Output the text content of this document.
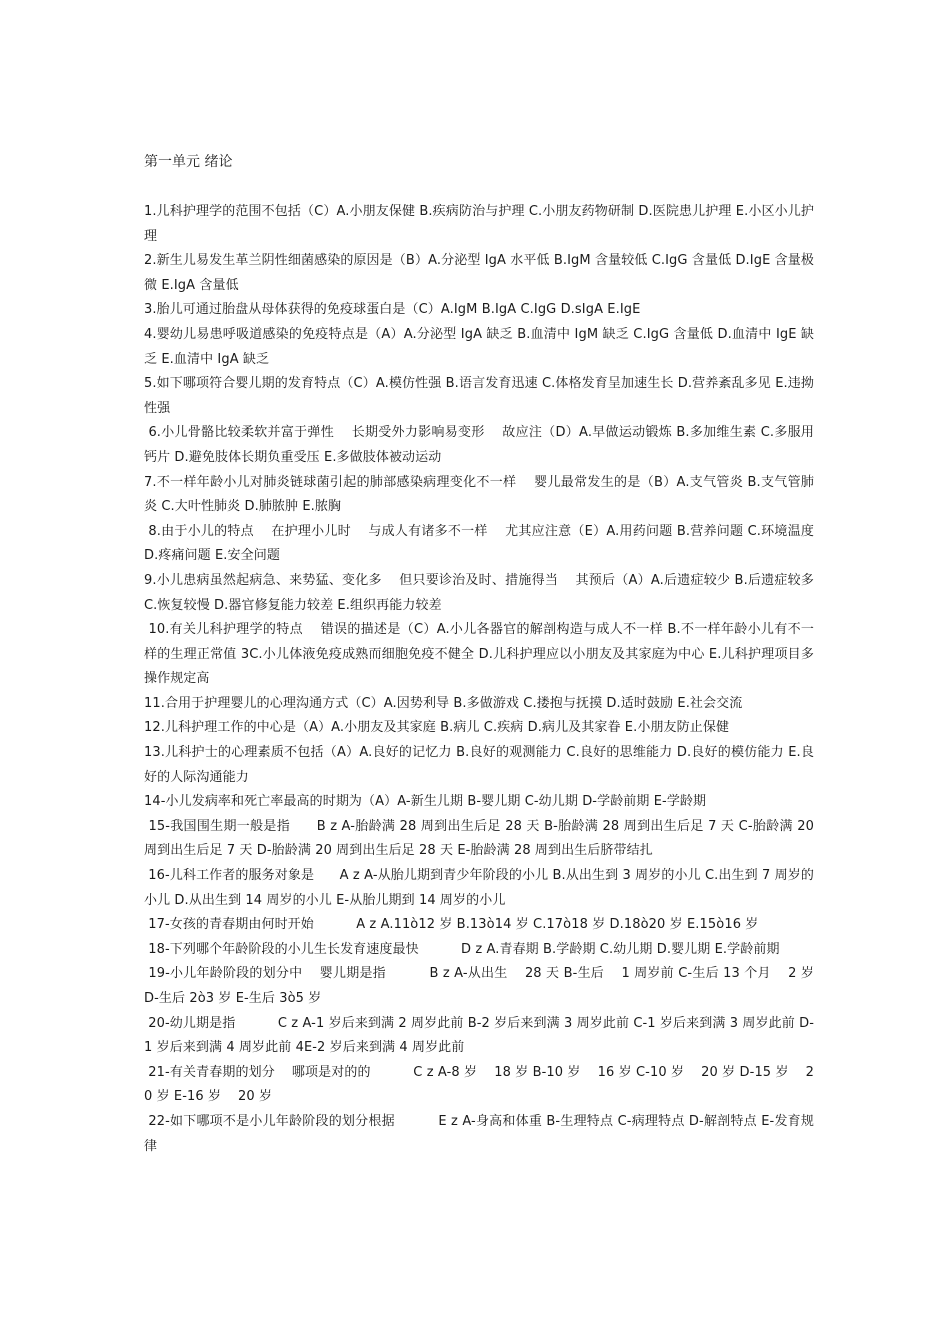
第一单元 绪论
1.儿科护理学的范围不包括（C）A.小朋友保健 B.疾病防治与护理 C.小朋友药物研制 D.医院患儿护理 E.小区小儿护理
2.新生儿易发生革兰阴性细菌感染的原因是（B）A.分泌型 IgA 水平低 B.IgM 含量较低 C.IgG 含量低 D.IgE 含量极微 E.IgA 含量低
3.胎儿可通过胎盘从母体获得的免疫球蛋白是（C）A.IgM B.IgA C.IgG D.sIgA E.IgE
4.婴幼儿易患呼吸道感染的免疫特点是（A）A.分泌型 IgA 缺乏 B.血清中 IgM 缺乏 C.IgG 含量低 D.血清中 IgE 缺乏 E.血清中 IgA 缺乏
5.如下哪项符合婴儿期的发育特点（C）A.模仿性强 B.语言发育迅速 C.体格发育呈加速生长 D.营养紊乱多见 E.违拗性强
6.小儿骨骼比较柔软并富于弹性    长期受外力影响易变形    故应注（D）A.早做运动锻炼 B.多加维生素 C.多服用钙片 D.避免肢体长期负重受压 E.多做肢体被动运动
7.不一样年龄小儿对肺炎链球菌引起的肺部感染病理变化不一样    婴儿最常发生的是（B）A.支气管炎 B.支气管肺炎 C.大叶性肺炎 D.肺脓肿 E.脓胸
8.由于小儿的特点    在护理小儿时    与成人有诸多不一样    尤其应注意（E）A.用药问题 B.营养问题 C.环境温度 D.疼痛问题 E.安全问题
9.小儿患病虽然起病急、来势猛、变化多    但只要诊治及时、措施得当    其预后（A）A.后遗症较少 B.后遗症较多 C.恢复较慢 D.器官修复能力较差 E.组织再能力较差
10.有关儿科护理学的特点    错误的描述是（C）A.小儿各器官的解剖构造与成人不一样 B.不一样年龄小儿有不一样的生理正常值 3C.小儿体液免疫成熟而细胞免疫不健全 D.儿科护理应以小朋友及其家庭为中心 E.儿科护理项目多    操作规定高
11.合用于护理婴儿的心理沟通方式（C）A.因势利导 B.多做游戏 C.搂抱与抚摸 D.适时鼓励 E.社会交流
12.儿科护理工作的中心是（A）A.小朋友及其家庭 B.病儿 C.疾病 D.病儿及其家眷 E.小朋友防止保健
13.儿科护士的心理素质不包括（A）A.良好的记忆力 B.良好的观测能力 C.良好的思维能力 D.良好的模仿能力 E.良好的人际沟通能力
14-小儿发病率和死亡率最高的时期为（A）A-新生儿期 B-婴儿期 C-幼儿期 D-学龄前期 E-学龄期
15-我国围生期一般是指      B ᴢ A-胎龄满 28 周到出生后足 28 天 B-胎龄满 28 周到出生后足 7 天 C-胎龄满 20 周到出生后足 7 天 D-胎龄满 20 周到出生后足 28 天 E-胎龄满 28 周到出生后脐带结扎
16-儿科工作者的服务对象是      A ᴢ A-从胎儿期到青少年阶段的小儿 B.从出生到 3 周岁的小儿 C.出生到 7 周岁的小儿 D.从出生到 14 周岁的小儿 E-从胎儿期到 14 周岁的小儿
17-女孩的青春期由何时开始          A ᴢ A.11ò12 岁 B.13ò14 岁 C.17ò18 岁 D.18ò20 岁 E.15ò16 岁
18-下列哪个年龄阶段的小儿生长发育速度最快          D ᴢ A.青春期 B.学龄期 C.幼儿期 D.婴儿期 E.学龄前期
19-小儿年龄阶段的划分中    婴儿期是指          B ᴢ A-从出生    28 天 B-生后    1 周岁前 C-生后 13 个月    2 岁 D-生后 2ò3 岁 E-生后 3ò5 岁
20-幼儿期是指          C ᴢ A-1 岁后来到满 2 周岁此前 B-2 岁后来到满 3 周岁此前 C-1 岁后来到满 3 周岁此前 D-1 岁后来到满 4 周岁此前 4E-2 岁后来到满 4 周岁此前
21-有关青春期的划分    哪项是对的的          C ᴢ A-8 岁    18 岁 B-10 岁    16 岁 C-10 岁    20 岁 D-15 岁    20 岁 E-16 岁    20 岁
22-如下哪项不是小儿年龄阶段的划分根据          E ᴢ A-身高和体重 B-生理特点 C-病理特点 D-解剖特点 E-发育规律
